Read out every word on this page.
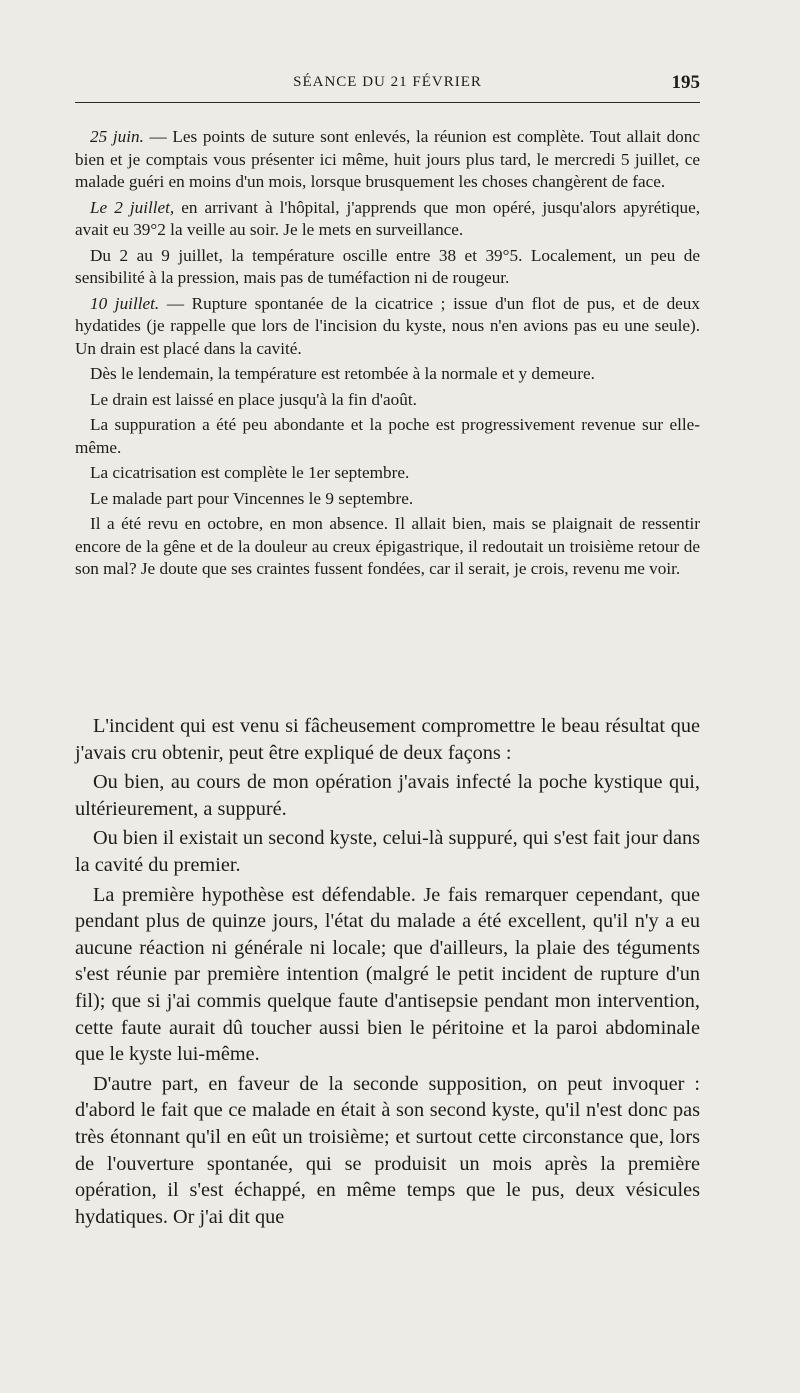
SÉANCE DU 21 FÉVRIER	195

25 juin. — Les points de suture sont enlevés, la réunion est complète. Tout allait donc bien et je comptais vous présenter ici même, huit jours plus tard, le mercredi 5 juillet, ce malade guéri en moins d'un mois, lorsque brusquement les choses changèrent de face.

Le 2 juillet, en arrivant à l'hôpital, j'apprends que mon opéré, jusqu'alors apyrétique, avait eu 39°2 la veille au soir. Je le mets en surveillance.

Du 2 au 9 juillet, la température oscille entre 38 et 39°5. Localement, un peu de sensibilité à la pression, mais pas de tuméfaction ni de rougeur.

10 juillet. — Rupture spontanée de la cicatrice ; issue d'un flot de pus, et de deux hydatides (je rappelle que lors de l'incision du kyste, nous n'en avions pas eu une seule). Un drain est placé dans la cavité.

Dès le lendemain, la température est retombée à la normale et y demeure.

Le drain est laissé en place jusqu'à la fin d'août.

La suppuration a été peu abondante et la poche est progressivement revenue sur elle-même.

La cicatrisation est complète le 1er septembre.

Le malade part pour Vincennes le 9 septembre.

Il a été revu en octobre, en mon absence. Il allait bien, mais se plaignait de ressentir encore de la gêne et de la douleur au creux épigastrique, il redoutait un troisième retour de son mal? Je doute que ses craintes fussent fondées, car il serait, je crois, revenu me voir.

L'incident qui est venu si fâcheusement compromettre le beau résultat que j'avais cru obtenir, peut être expliqué de deux façons :

Ou bien, au cours de mon opération j'avais infecté la poche kystique qui, ultérieurement, a suppuré.

Ou bien il existait un second kyste, celui-là suppuré, qui s'est fait jour dans la cavité du premier.

La première hypothèse est défendable. Je fais remarquer cependant, que pendant plus de quinze jours, l'état du malade a été excellent, qu'il n'y a eu aucune réaction ni générale ni locale; que d'ailleurs, la plaie des téguments s'est réunie par première intention (malgré le petit incident de rupture d'un fil); que si j'ai commis quelque faute d'antisepsie pendant mon intervention, cette faute aurait dû toucher aussi bien le péritoine et la paroi abdominale que le kyste lui-même.

D'autre part, en faveur de la seconde supposition, on peut invoquer : d'abord le fait que ce malade en était à son second kyste, qu'il n'est donc pas très étonnant qu'il en eût un troisième; et surtout cette circonstance que, lors de l'ouverture spontanée, qui se produisit un mois après la première opération, il s'est échappé, en même temps que le pus, deux vésicules hydatiques. Or j'ai dit que
